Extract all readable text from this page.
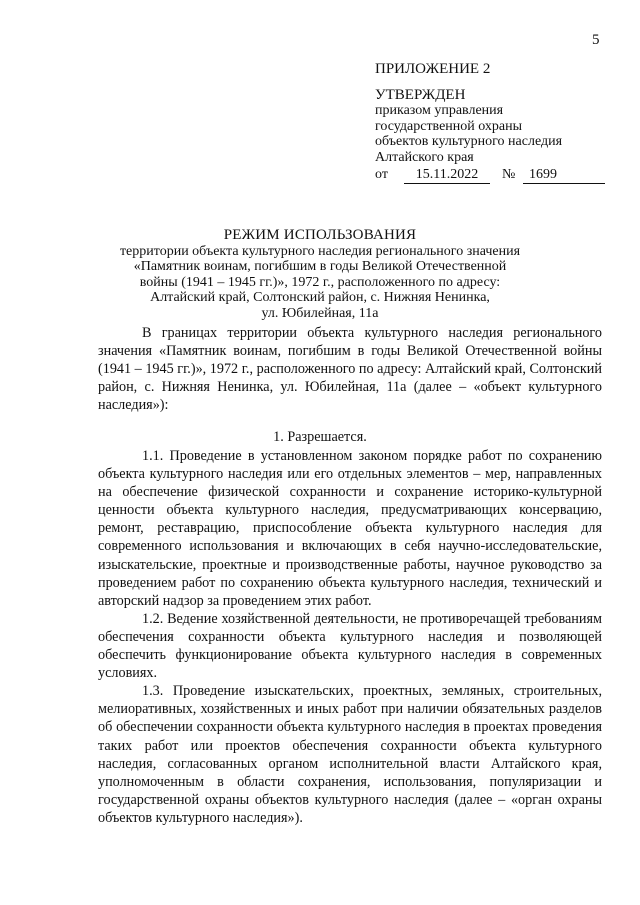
5
ПРИЛОЖЕНИЕ 2
УТВЕРЖДЕН
приказом управления
государственной охраны
объектов культурного наследия
Алтайского края
от	15.11.2022	№ 1699
РЕЖИМ ИСПОЛЬЗОВАНИЯ
территории объекта культурного наследия регионального значения
«Памятник воинам, погибшим в годы Великой Отечественной
войны (1941 – 1945 гг.)», 1972 г., расположенного по адресу:
Алтайский край, Солтонский район, с. Нижняя Ненинка,
ул. Юбилейная, 11а

В границах территории объекта культурного наследия регионального значения «Памятник воинам, погибшим в годы Великой Отечественной войны (1941 – 1945 гг.)», 1972 г., расположенного по адресу: Алтайский край, Солтонский район, с. Нижняя Ненинка, ул. Юбилейная, 11а (далее – «объект культурного наследия»):

1. Разрешается.

1.1. Проведение в установленном законом порядке работ по сохранению объекта культурного наследия или его отдельных элементов – мер, направленных на обеспечение физической сохранности и сохранение историко-культурной ценности объекта культурного наследия, предусматривающих консервацию, ремонт, реставрацию, приспособление объекта культурного наследия для современного использования и включающих в себя научно-исследовательские, изыскательские, проектные и производственные работы, научное руководство за проведением работ по сохранению объекта культурного наследия, технический и авторский надзор за проведением этих работ.

1.2. Ведение хозяйственной деятельности, не противоречащей требованиям обеспечения сохранности объекта культурного наследия и позволяющей обеспечить функционирование объекта культурного наследия в современных условиях.

1.3. Проведение изыскательских, проектных, земляных, строительных, мелиоративных, хозяйственных и иных работ при наличии обязательных разделов об обеспечении сохранности объекта культурного наследия в проектах проведения таких работ или проектов обеспечения сохранности объекта культурного наследия, согласованных органом исполнительной власти Алтайского края, уполномоченным в области сохранения, использования, популяризации и государственной охраны объектов культурного наследия (далее – «орган охраны объектов культурного наследия»).
